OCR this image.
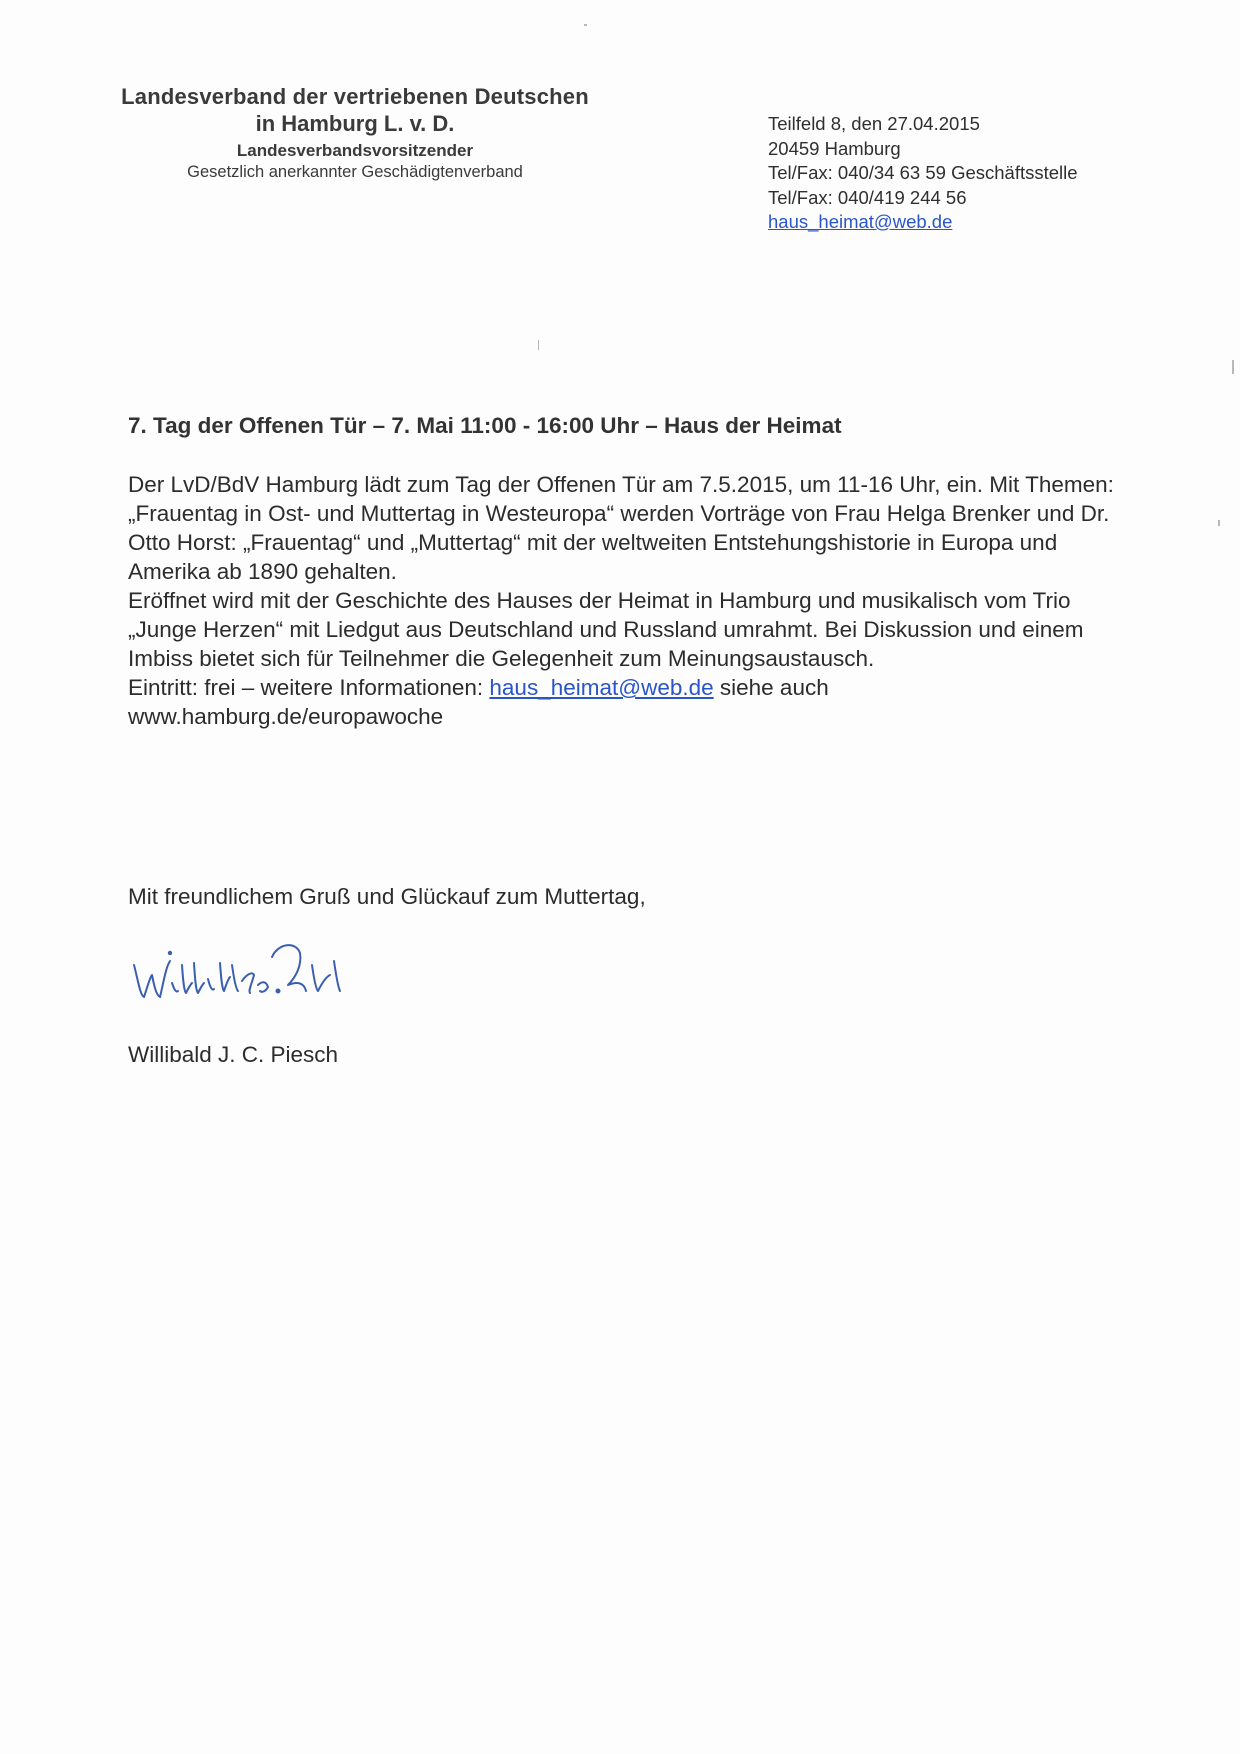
Landesverband der vertriebenen Deutschen
in Hamburg L. v. D.
Landesverbandsvorsitzender
Gesetzlich anerkannter Geschädigtenverband
Teilfeld 8, den 27.04.2015
20459 Hamburg
Tel/Fax: 040/34 63 59 Geschäftsstelle
Tel/Fax: 040/419 244 56
haus_heimat@web.de
7. Tag der Offenen Tür – 7. Mai 11:00 - 16:00 Uhr – Haus der Heimat

Der LvD/BdV Hamburg lädt zum Tag der Offenen Tür am 7.5.2015, um 11-16 Uhr, ein. Mit Themen: „Frauentag in Ost- und Muttertag in Westeuropa“ werden Vorträge von Frau Helga Brenker und Dr. Otto Horst: „Frauentag“ und „Muttertag“ mit der weltweiten Entstehungshistorie in Europa und Amerika ab 1890 gehalten.

Eröffnet wird mit der Geschichte des Hauses der Heimat in Hamburg und musikalisch vom Trio „Junge Herzen“ mit Liedgut aus Deutschland und Russland umrahmt. Bei Diskussion und einem Imbiss bietet sich für Teilnehmer die Gelegenheit zum Meinungsaustausch.

Eintritt: frei – weitere Informationen: haus_heimat@web.de siehe auch
www.hamburg.de/europawoche

Mit freundlichem Gruß und Glückauf zum Muttertag,
Willibald J. C. Piesch
